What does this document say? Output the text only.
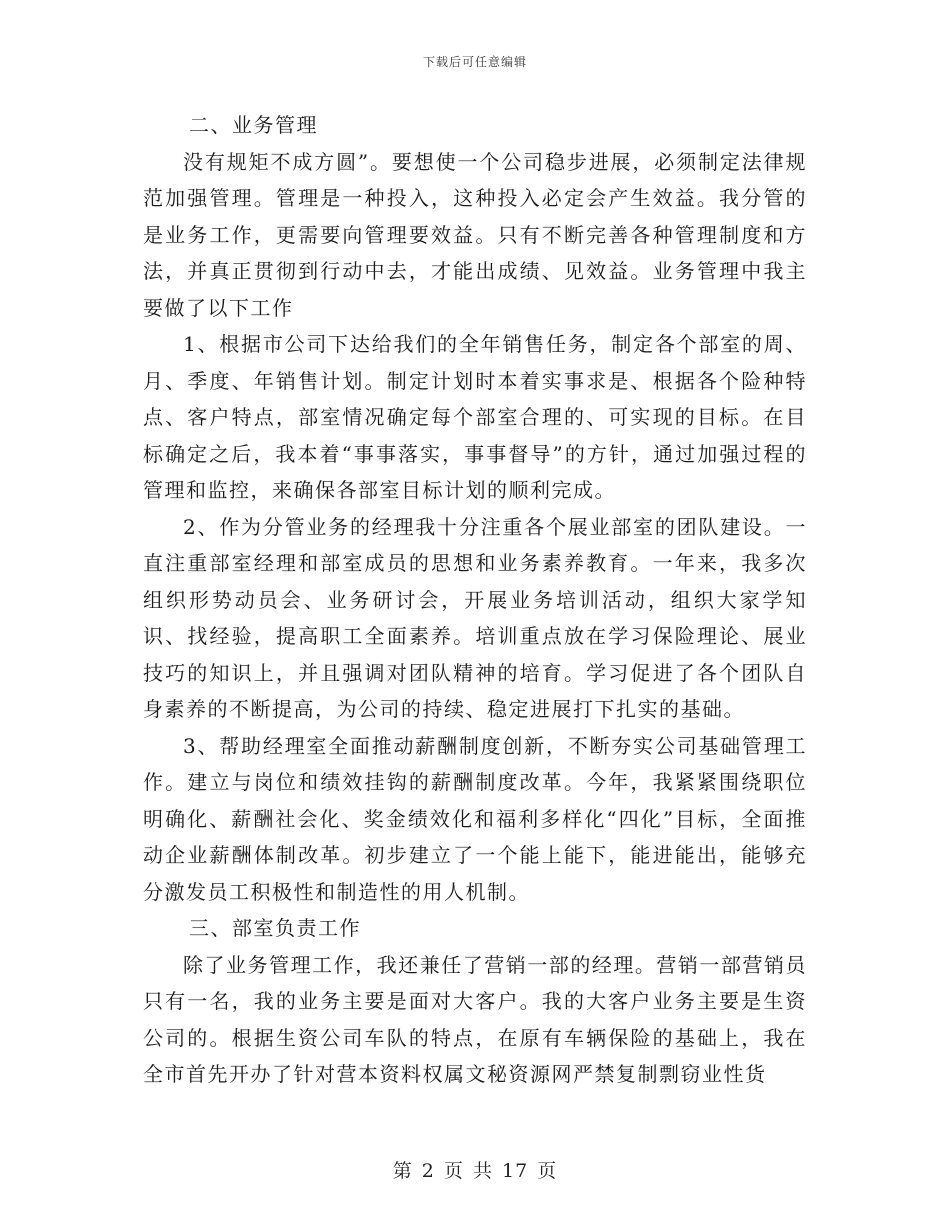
下载后可任意编辑

二、业务管理

没有规矩不成方圆”。要想使一个公司稳步进展，必须制定法律规范加强管理。管理是一种投入，这种投入必定会产生效益。我分管的是业务工作，更需要向管理要效益。只有不断完善各种管理制度和方法，并真正贯彻到行动中去，才能出成绩、见效益。业务管理中我主要做了以下工作

1、根据市公司下达给我们的全年销售任务，制定各个部室的周、月、季度、年销售计划。制定计划时本着实事求是、根据各个险种特点、客户特点，部室情况确定每个部室合理的、可实现的目标。在目标确定之后，我本着“事事落实，事事督导”的方针，通过加强过程的管理和监控，来确保各部室目标计划的顺利完成。

2、作为分管业务的经理我十分注重各个展业部室的团队建设。一直注重部室经理和部室成员的思想和业务素养教育。一年来，我多次组织形势动员会、业务研讨会，开展业务培训活动，组织大家学知识、找经验，提高职工全面素养。培训重点放在学习保险理论、展业技巧的知识上，并且强调对团队精神的培育。学习促进了各个团队自身素养的不断提高，为公司的持续、稳定进展打下扎实的基础。

3、帮助经理室全面推动薪酬制度创新，不断夯实公司基础管理工作。建立与岗位和绩效挂钩的薪酬制度改革。今年，我紧紧围绕职位明确化、薪酬社会化、奖金绩效化和福利多样化“四化”目标，全面推动企业薪酬体制改革。初步建立了一个能上能下，能进能出，能够充分激发员工积极性和制造性的用人机制。

三、部室负责工作

除了业务管理工作，我还兼任了营销一部的经理。营销一部营销员只有一名，我的业务主要是面对大客户。我的大客户业务主要是生资公司的。根据生资公司车队的特点，在原有车辆保险的基础上，我在全市首先开办了针对营本资料权属文秘资源网严禁复制剽窃业性货

第 2 页 共 17 页
